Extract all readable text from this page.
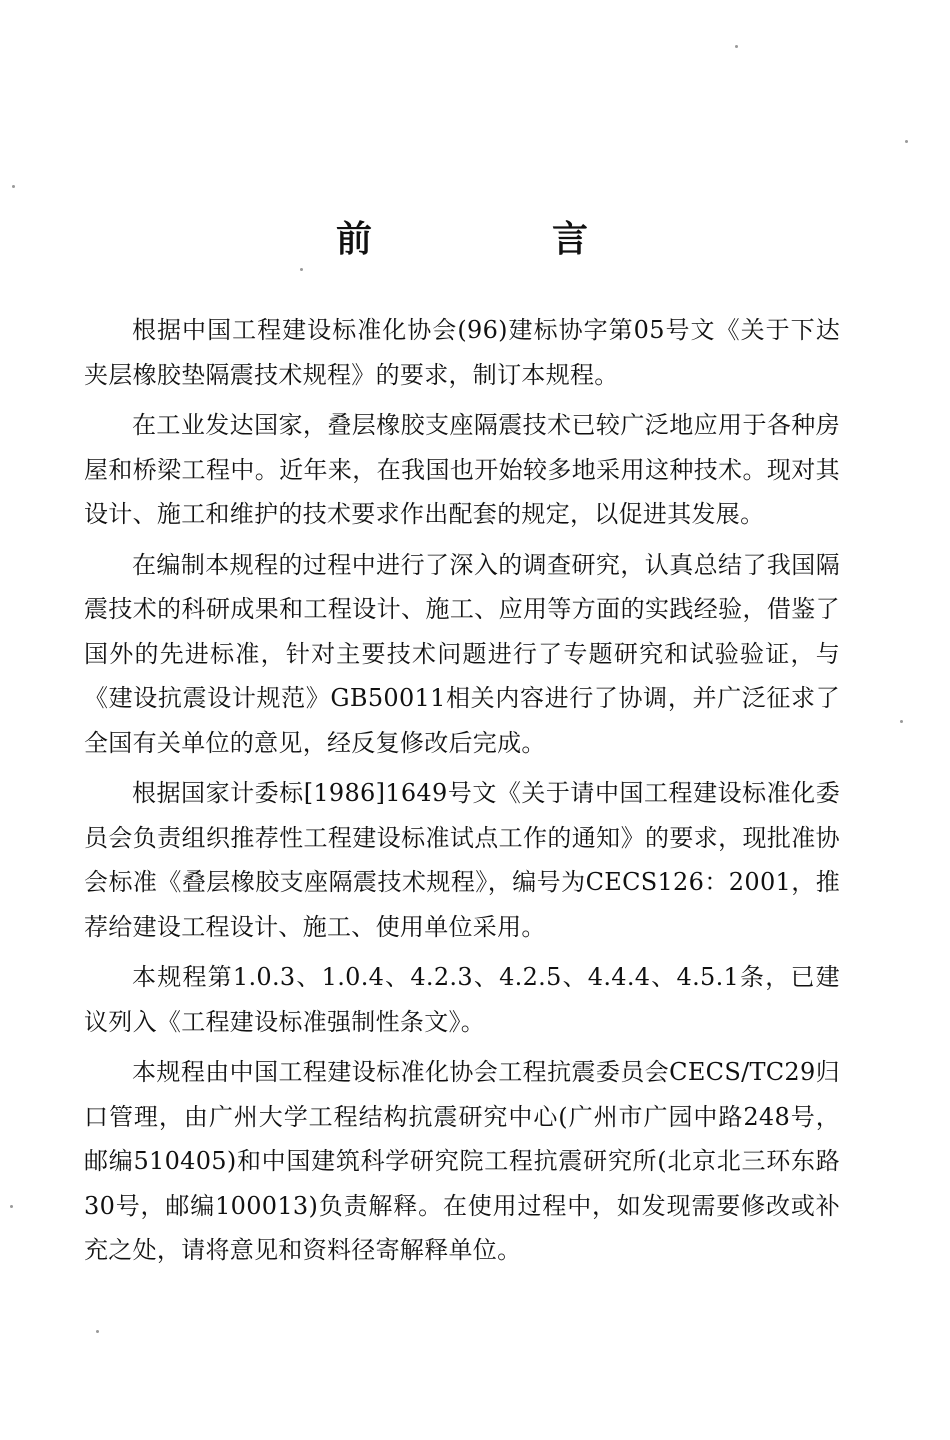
前　言

根据中国工程建设标准化协会(96)建标协字第05号文《关于下达夹层橡胶垫隔震技术规程》的要求，制订本规程。

在工业发达国家，叠层橡胶支座隔震技术已较广泛地应用于各种房屋和桥梁工程中。近年来，在我国也开始较多地采用这种技术。现对其设计、施工和维护的技术要求作出配套的规定，以促进其发展。

在编制本规程的过程中进行了深入的调查研究，认真总结了我国隔震技术的科研成果和工程设计、施工、应用等方面的实践经验，借鉴了国外的先进标准，针对主要技术问题进行了专题研究和试验验证，与《建设抗震设计规范》GB50011相关内容进行了协调，并广泛征求了全国有关单位的意见，经反复修改后完成。

根据国家计委标[1986]1649号文《关于请中国工程建设标准化委员会负责组织推荐性工程建设标准试点工作的通知》的要求，现批准协会标准《叠层橡胶支座隔震技术规程》，编号为CECS126：2001，推荐给建设工程设计、施工、使用单位采用。

本规程第1.0.3、1.0.4、4.2.3、4.2.5、4.4.4、4.5.1条，已建议列入《工程建设标准强制性条文》。

本规程由中国工程建设标准化协会工程抗震委员会CECS/TC29归口管理，由广州大学工程结构抗震研究中心(广州市广园中路248号，邮编510405)和中国建筑科学研究院工程抗震研究所(北京北三环东路30号，邮编100013)负责解释。在使用过程中，如发现需要修改或补充之处，请将意见和资料径寄解释单位。
